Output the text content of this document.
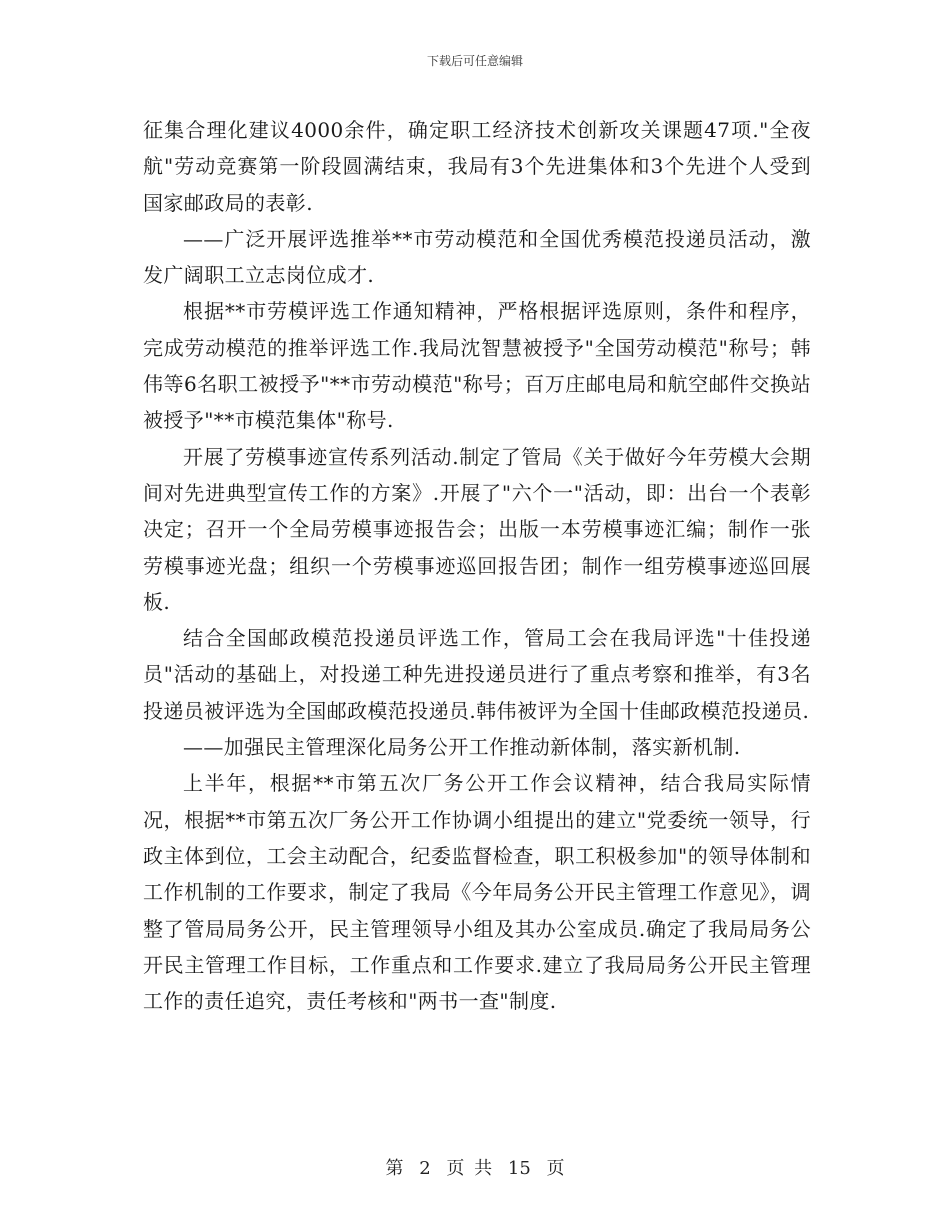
下载后可任意编辑

征集合理化建议4000余件，确定职工经济技术创新攻关课题47项."全夜航"劳动竞赛第一阶段圆满结束，我局有3个先进集体和3个先进个人受到国家邮政局的表彰.

——广泛开展评选推举**市劳动模范和全国优秀模范投递员活动，激发广阔职工立志岗位成才.

根据**市劳模评选工作通知精神，严格根据评选原则，条件和程序，完成劳动模范的推举评选工作.我局沈智慧被授予"全国劳动模范"称号；韩伟等6名职工被授予"**市劳动模范"称号；百万庄邮电局和航空邮件交换站被授予"**市模范集体"称号.

开展了劳模事迹宣传系列活动.制定了管局《关于做好今年劳模大会期间对先进典型宣传工作的方案》.开展了"六个一"活动，即：出台一个表彰决定；召开一个全局劳模事迹报告会；出版一本劳模事迹汇编；制作一张劳模事迹光盘；组织一个劳模事迹巡回报告团；制作一组劳模事迹巡回展板.

结合全国邮政模范投递员评选工作，管局工会在我局评选"十佳投递员"活动的基础上，对投递工种先进投递员进行了重点考察和推举，有3名投递员被评选为全国邮政模范投递员.韩伟被评为全国十佳邮政模范投递员.

——加强民主管理深化局务公开工作推动新体制，落实新机制.

上半年，根据**市第五次厂务公开工作会议精神，结合我局实际情况，根据**市第五次厂务公开工作协调小组提出的建立"党委统一领导，行政主体到位，工会主动配合，纪委监督检查，职工积极参加"的领导体制和工作机制的工作要求，制定了我局《今年局务公开民主管理工作意见》，调整了管局局务公开，民主管理领导小组及其办公室成员.确定了我局局务公开民主管理工作目标，工作重点和工作要求.建立了我局局务公开民主管理工作的责任追究，责任考核和"两书一查"制度.

第 2 页 共 15 页
